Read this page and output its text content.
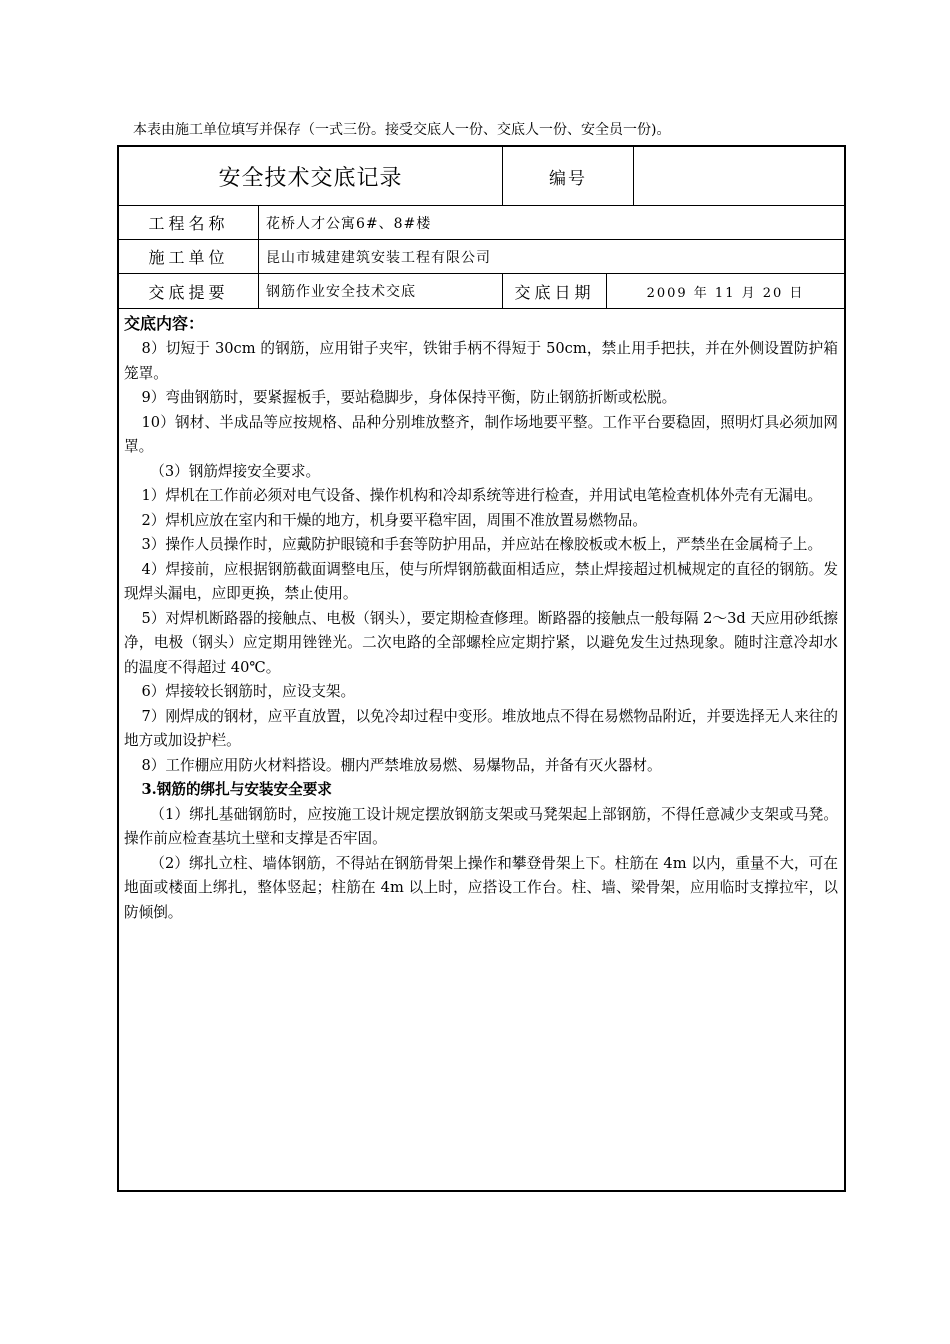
本表由施工单位填写并保存（一式三份。接受交底人一份、交底人一份、安全员一份)。
安全技术交底记录	编号
工程名称	花桥人才公寓6#、8#楼
施工单位	昆山市城建建筑安装工程有限公司
交底提要	钢筋作业安全技术交底	交底日期	2009 年 11 月 20 日
交底内容：

8）切短于 30cm 的钢筋，应用钳子夹牢，铁钳手柄不得短于 50cm，禁止用手把扶，并在外侧设置防护箱笼罩。

9）弯曲钢筋时，要紧握板手，要站稳脚步，身体保持平衡，防止钢筋折断或松脱。

10）钢材、半成品等应按规格、品种分别堆放整齐，制作场地要平整。工作平台要稳固，照明灯具必须加网罩。

（3）钢筋焊接安全要求。

1）焊机在工作前必须对电气设备、操作机构和冷却系统等进行检查，并用试电笔检查机体外壳有无漏电。

2）焊机应放在室内和干燥的地方，机身要平稳牢固，周围不准放置易燃物品。

3）操作人员操作时，应戴防护眼镜和手套等防护用品，并应站在橡胶板或木板上，严禁坐在金属椅子上。

4）焊接前，应根据钢筋截面调整电压，使与所焊钢筋截面相适应，禁止焊接超过机械规定的直径的钢筋。发现焊头漏电，应即更换，禁止使用。

5）对焊机断路器的接触点、电极（钢头），要定期检查修理。断路器的接触点一般每隔 2～3d 天应用砂纸擦净，电极（钢头）应定期用锉锉光。二次电路的全部螺栓应定期拧紧，以避免发生过热现象。随时注意冷却水的温度不得超过 40℃。

6）焊接较长钢筋时，应设支架。

7）刚焊成的钢材，应平直放置，以免冷却过程中变形。堆放地点不得在易燃物品附近，并要选择无人来往的地方或加设护栏。

8）工作棚应用防火材料搭设。棚内严禁堆放易燃、易爆物品，并备有灭火器材。

3.钢筋的绑扎与安装安全要求

（1）绑扎基础钢筋时，应按施工设计规定摆放钢筋支架或马凳架起上部钢筋，不得任意减少支架或马凳。操作前应检查基坑土壁和支撑是否牢固。

（2）绑扎立柱、墙体钢筋，不得站在钢筋骨架上操作和攀登骨架上下。柱筋在 4m 以内，重量不大，可在地面或楼面上绑扎，整体竖起；柱筋在 4m 以上时，应搭设工作台。柱、墙、梁骨架，应用临时支撑拉牢，以防倾倒。
